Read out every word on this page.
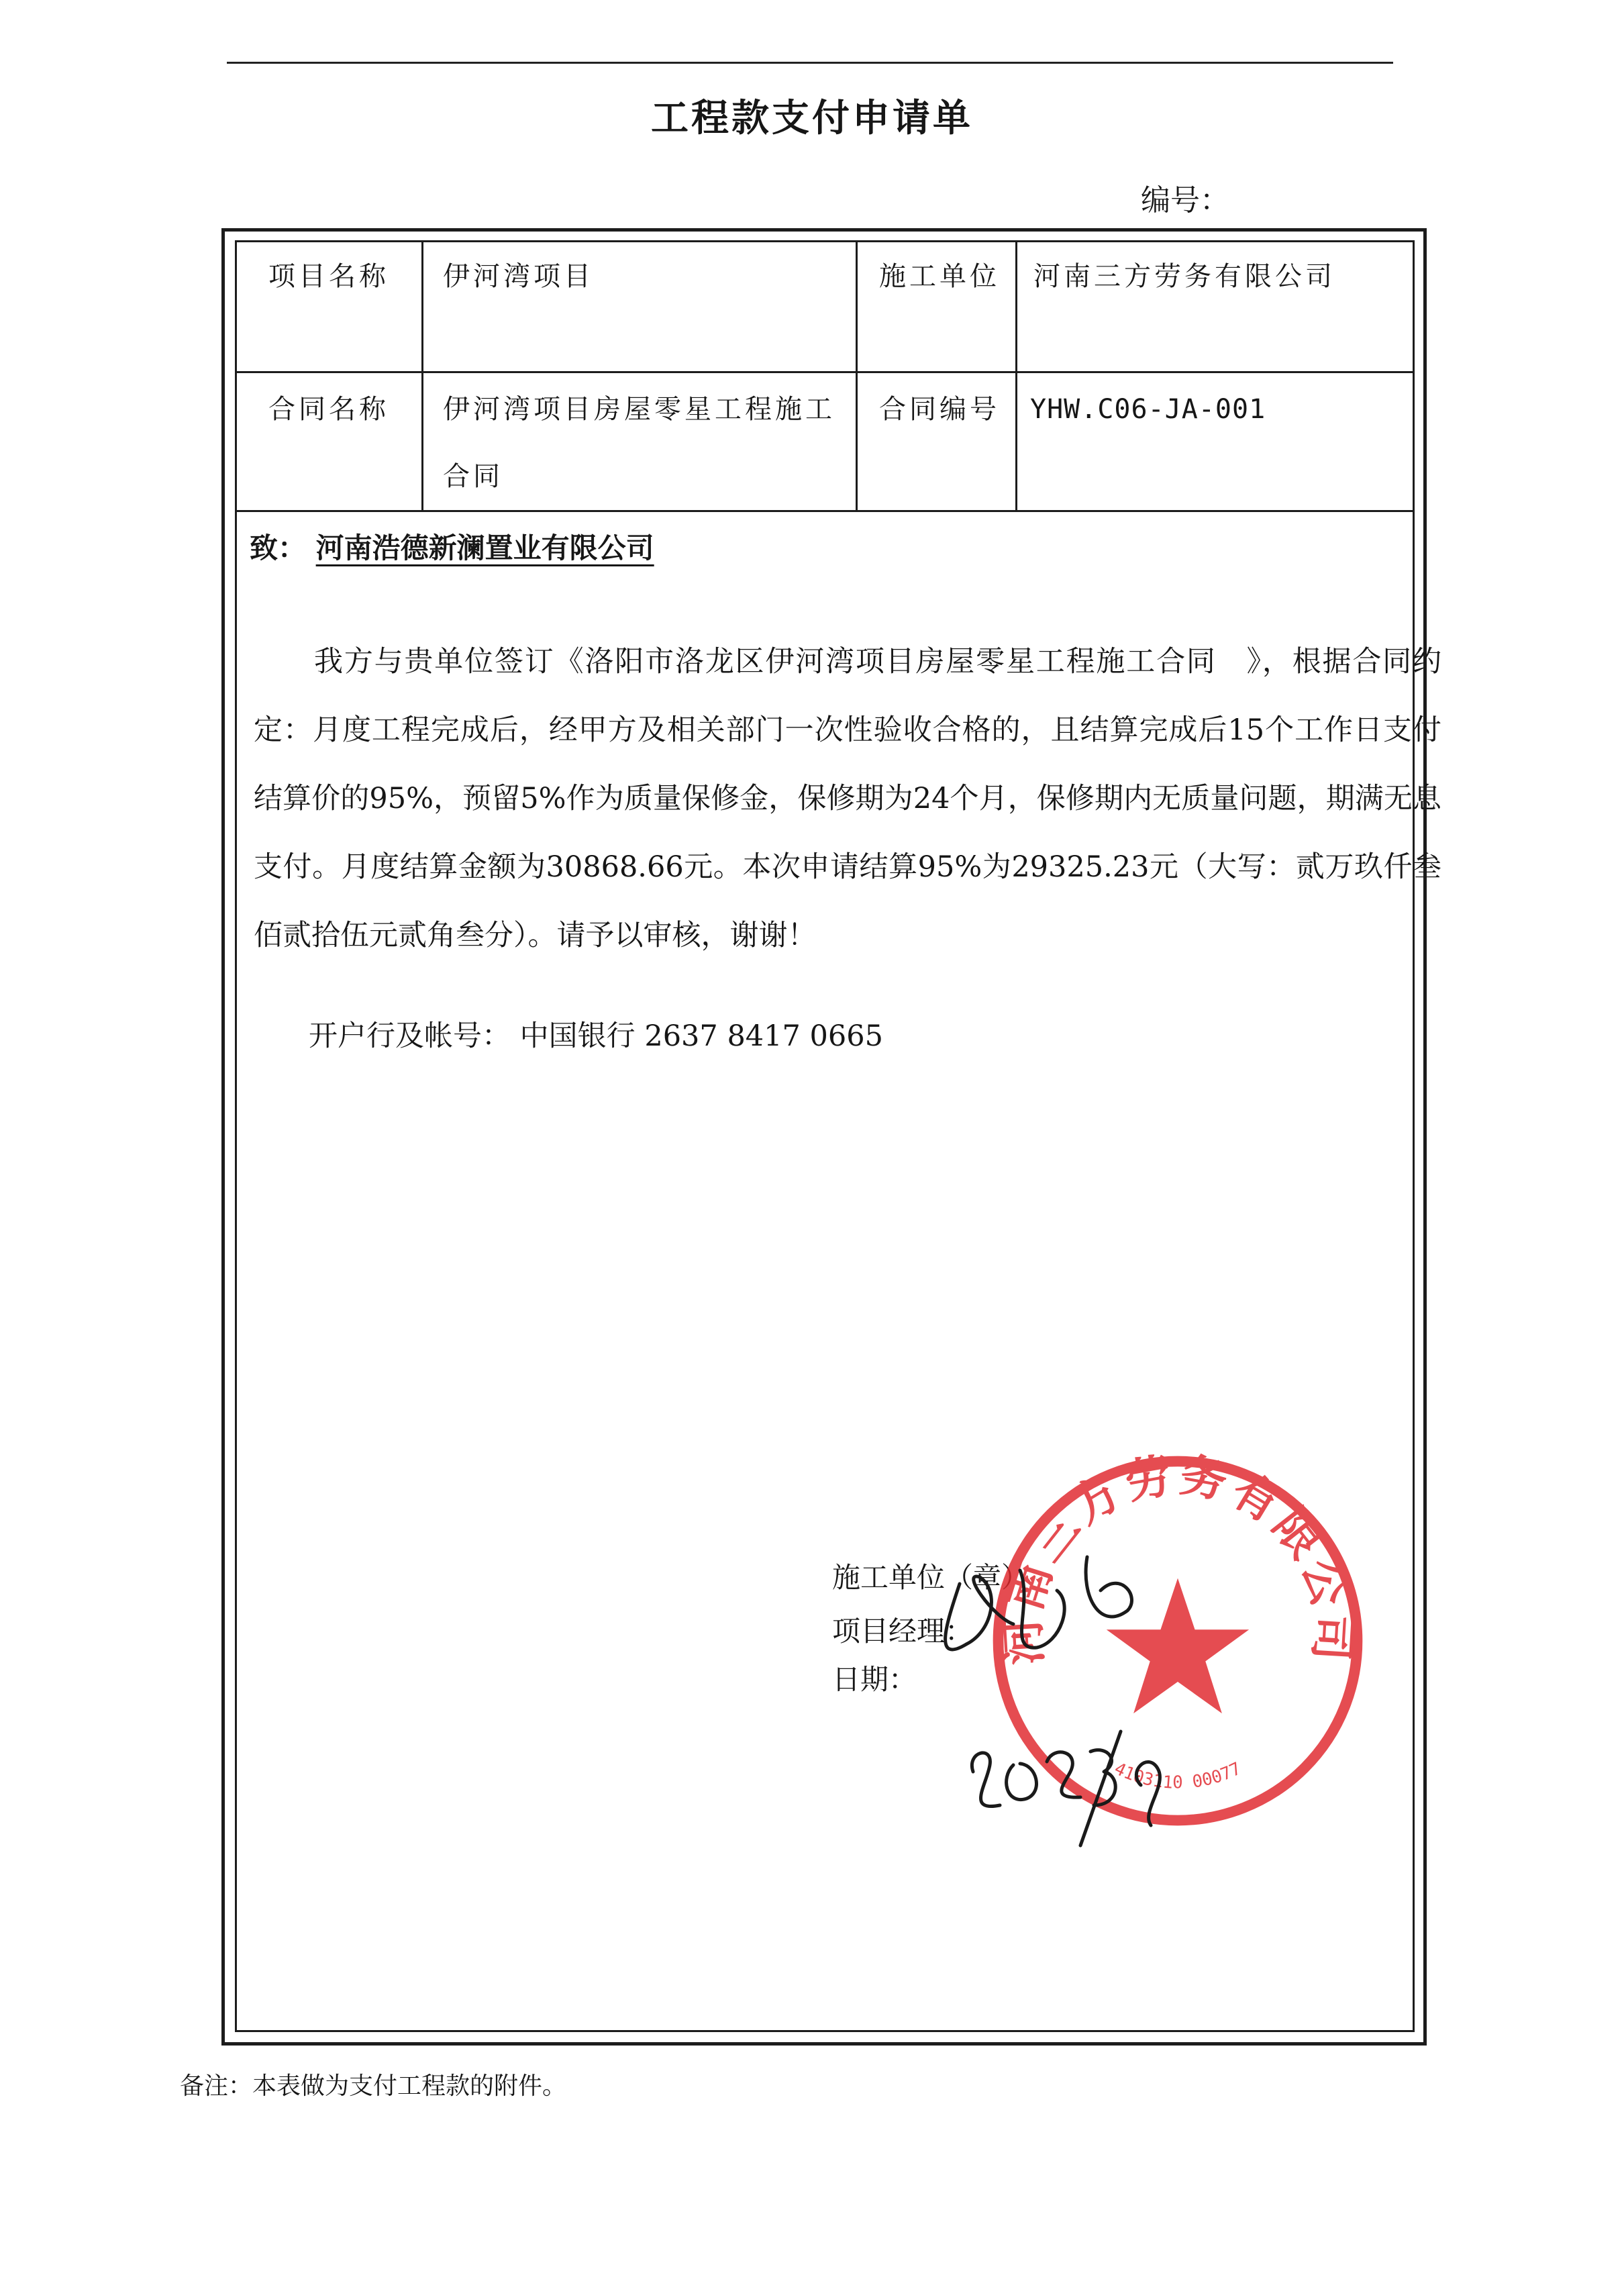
工程款支付申请单
编号：
项目名称 伊河湾项目	施工单位 河南三方劳务有限公司
合同名称 伊河湾项目房屋零星工程施工
合同
合同编号 YHW.C06-JA-001
致： 河南浩德新澜置业有限公司
我方与贵单位签订《洛阳市洛龙区伊河湾项目房屋零星工程施工合同　》，根据合同约定：月度工程完成后，经甲方及相关部门一次性验收合格的，且结算完成后15个工作日支付结算价的95%，预留5%作为质量保修金，保修期为24个月，保修期内无质量问题，期满无息支付。月度结算金额为30868.66元。本次申请结算95%为29325.23元（大写：贰万玖仟叁佰贰拾伍元贰角叁分）。请予以审核，谢谢！
开户行及帐号： 中国银行 2637 8417 0665
施工单位（章）
项目经理：
日期：
河南三方劳务有限公司
4103110 00077
备注：本表做为支付工程款的附件。
